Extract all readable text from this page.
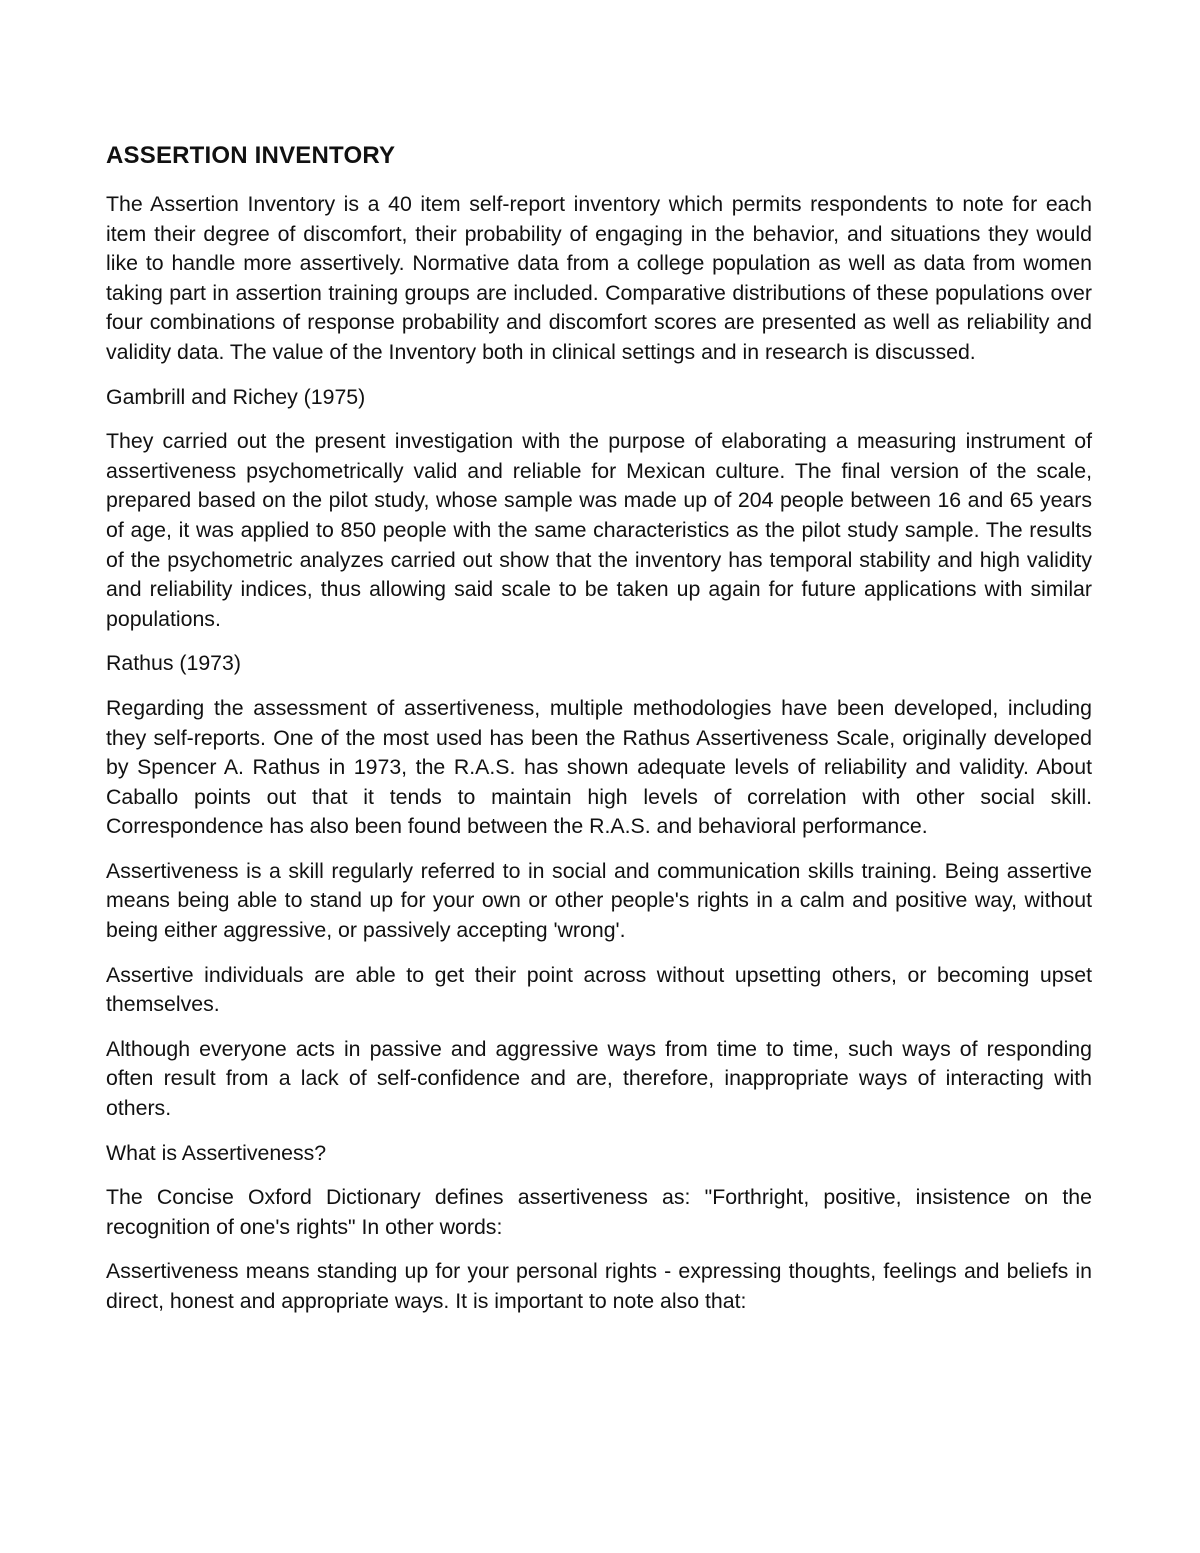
ASSERTION INVENTORY

The Assertion Inventory is a 40 item self-report inventory which permits respondents to note for each item their degree of discomfort, their probability of engaging in the behavior, and situations they would like to handle more assertively. Normative data from a college population as well as data from women taking part in assertion training groups are included. Comparative distributions of these populations over four combinations of response probability and discomfort scores are presented as well as reliability and validity data. The value of the Inventory both in clinical settings and in research is discussed.

Gambrill and Richey (1975)

They carried out the present investigation with the purpose of elaborating a measuring instrument of assertiveness psychometrically valid and reliable for Mexican culture. The final version of the scale, prepared based on the pilot study, whose sample was made up of 204 people between 16 and 65 years of age, it was applied to 850 people with the same characteristics as the pilot study sample. The results of the psychometric analyzes carried out show that the inventory has temporal stability and high validity and reliability indices, thus allowing said scale to be taken up again for future applications with similar populations.

Rathus (1973)

Regarding the assessment of assertiveness, multiple methodologies have been developed, including they self-reports. One of the most used has been the Rathus Assertiveness Scale, originally developed by Spencer A. Rathus in 1973, the R.A.S. has shown adequate levels of reliability and validity. About Caballo points out that it tends to maintain high levels of correlation with other social skill. Correspondence has also been found between the R.A.S. and behavioral performance.

Assertiveness is a skill regularly referred to in social and communication skills training. Being assertive means being able to stand up for your own or other people's rights in a calm and positive way, without being either aggressive, or passively accepting 'wrong'.

Assertive individuals are able to get their point across without upsetting others, or becoming upset themselves.

Although everyone acts in passive and aggressive ways from time to time, such ways of responding often result from a lack of self-confidence and are, therefore, inappropriate ways of interacting with others.

What is Assertiveness?

The Concise Oxford Dictionary defines assertiveness as: "Forthright, positive, insistence on the recognition of one's rights" In other words:

Assertiveness means standing up for your personal rights - expressing thoughts, feelings and beliefs in direct, honest and appropriate ways. It is important to note also that:
